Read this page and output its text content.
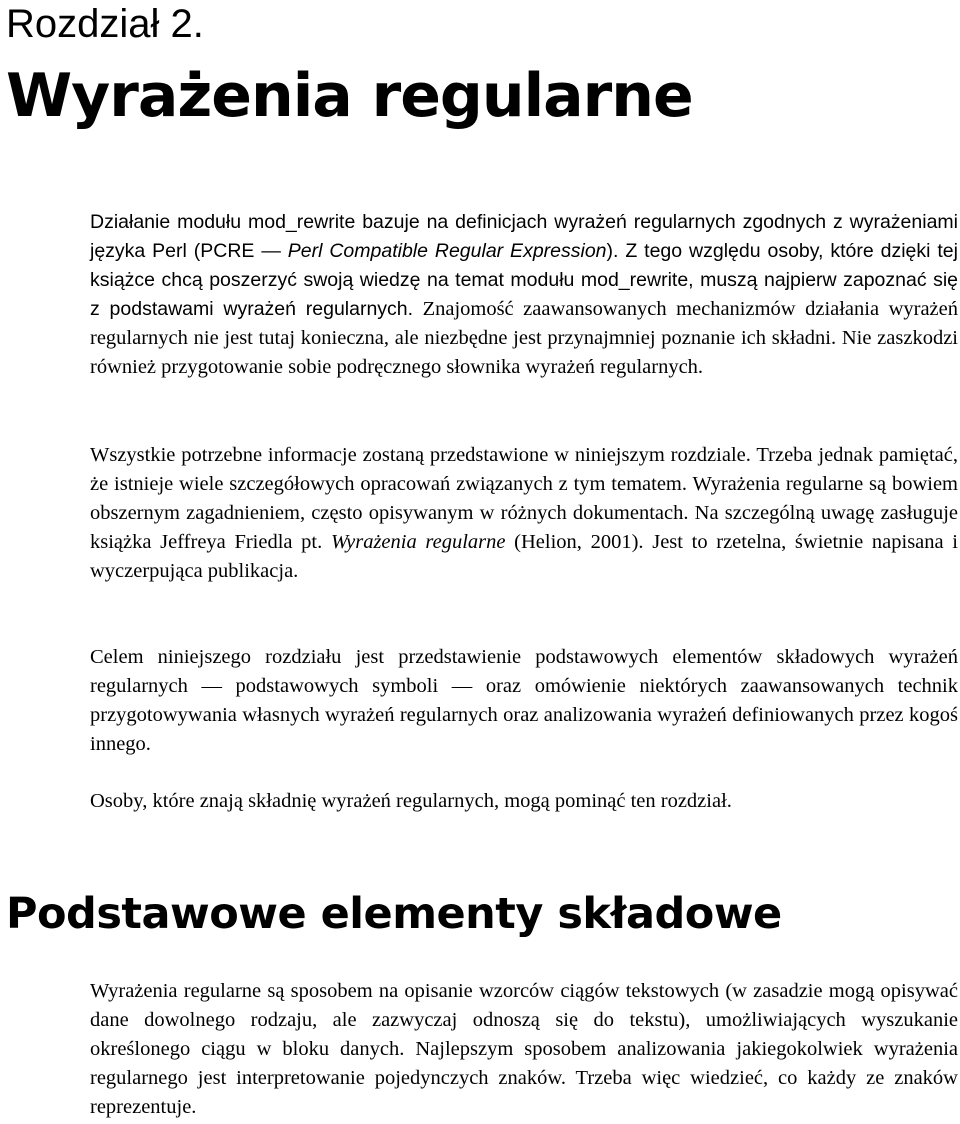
Rozdział 2.
Wyrażenia regularne

Działanie modułu mod_rewrite bazuje na definicjach wyrażeń regularnych zgodnych z wyrażeniami języka Perl (PCRE — Perl Compatible Regular Expression). Z tego względu osoby, które dzięki tej książce chcą poszerzyć swoją wiedzę na temat modułu mod_rewrite, muszą najpierw zapoznać się z podstawami wyrażeń regularnych. Znajomość zaawansowanych mechanizmów działania wyrażeń regularnych nie jest tutaj konieczna, ale niezbędne jest przynajmniej poznanie ich składni. Nie zaszkodzi również przygotowanie sobie podręcznego słownika wyrażeń regularnych.

Wszystkie potrzebne informacje zostaną przedstawione w niniejszym rozdziale. Trzeba jednak pamiętać, że istnieje wiele szczegółowych opracowań związanych z tym tematem. Wyrażenia regularne są bowiem obszernym zagadnieniem, często opisywanym w różnych dokumentach. Na szczególną uwagę zasługuje książka Jeffreya Friedla pt. Wyrażenia regularne (Helion, 2001). Jest to rzetelna, świetnie napisana i wyczerpująca publikacja.

Celem niniejszego rozdziału jest przedstawienie podstawowych elementów składowych wyrażeń regularnych — podstawowych symboli — oraz omówienie niektórych zaawansowanych technik przygotowywania własnych wyrażeń regularnych oraz analizowania wyrażeń definiowanych przez kogoś innego.

Osoby, które znają składnię wyrażeń regularnych, mogą pominąć ten rozdział.

Podstawowe elementy składowe

Wyrażenia regularne są sposobem na opisanie wzorców ciągów tekstowych (w zasadzie mogą opisywać dane dowolnego rodzaju, ale zazwyczaj odnoszą się do tekstu), umożliwiających wyszukanie określonego ciągu w bloku danych. Najlepszym sposobem analizowania jakiegokolwiek wyrażenia regularnego jest interpretowanie pojedynczych znaków. Trzeba więc wiedzieć, co każdy ze znaków reprezentuje.
